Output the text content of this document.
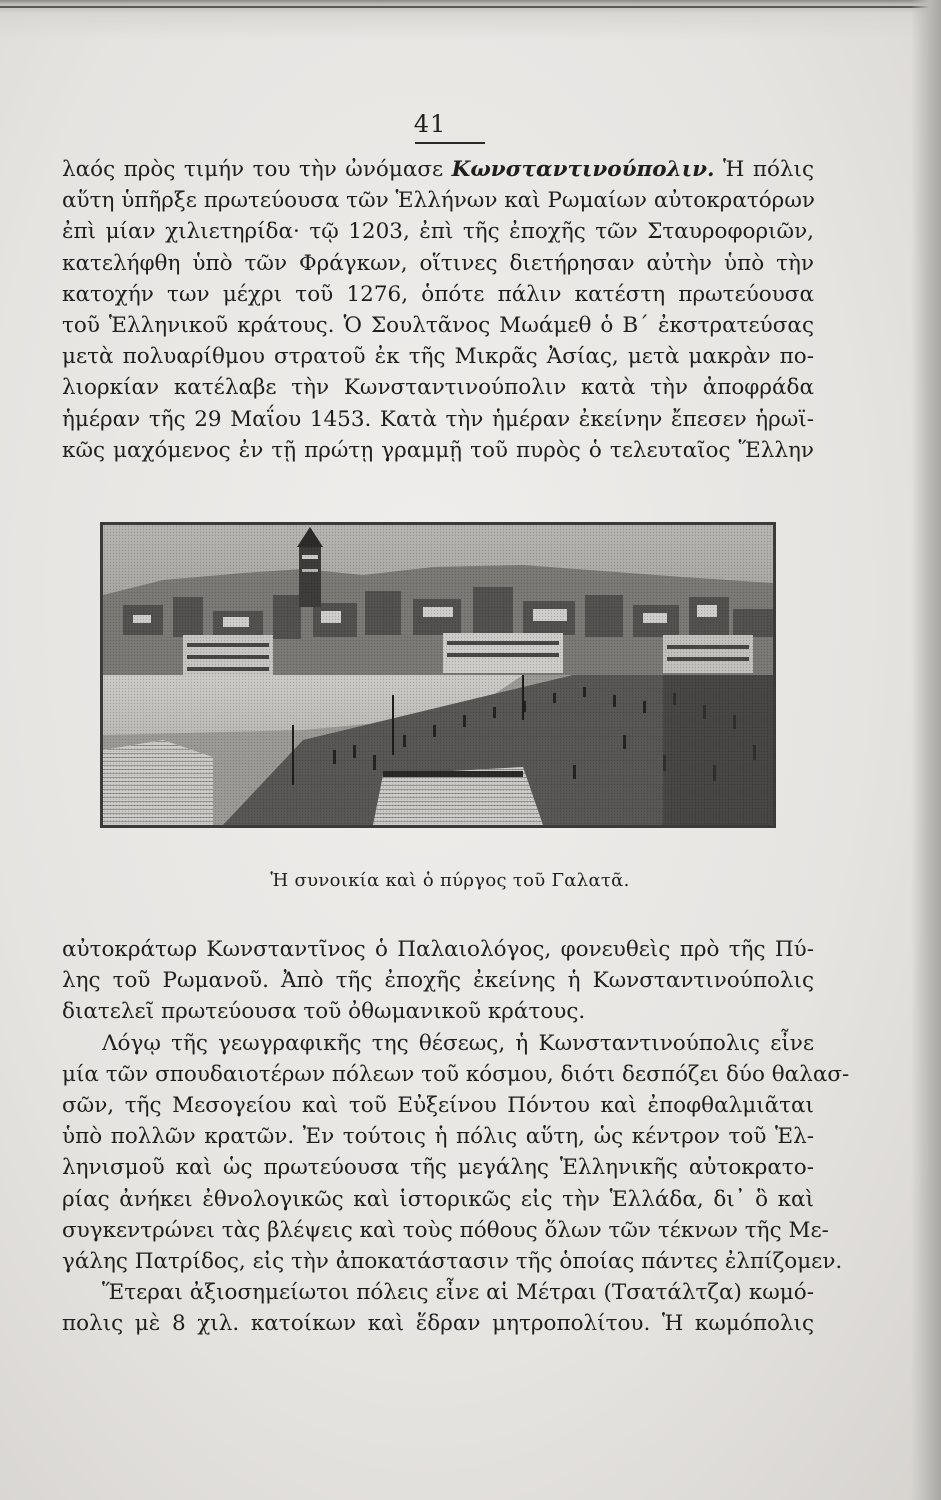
41
λαός πρὸς τιμήν του τὴν ὠνόμασε Κωνσταντινούπολιν. Ἡ πόλις
αὕτη ὑπῆρξε πρωτεύουσα τῶν Ἑλλήνων καὶ Ρωμαίων αὐτοκρατόρων
ἐπὶ μίαν χιλιετηρίδα· τῷ 1203, ἐπὶ τῆς ἐποχῆς τῶν Σταυροφοριῶν,
κατελήφθη ὑπὸ τῶν Φράγκων, οἵτινες διετήρησαν αὐτὴν ὑπὸ τὴν
κατοχήν των μέχρι τοῦ 1276, ὁπότε πάλιν κατέστη πρωτεύουσα
τοῦ Ἑλληνικοῦ κράτους. Ὁ Σουλτᾶνος Μωάμεθ ὁ Β΄ ἐκστρατεύσας
μετὰ πολυαρίθμου στρατοῦ ἐκ τῆς Μικρᾶς Ἀσίας, μετὰ μακρὰν πο-
λιορκίαν κατέλαβε τὴν Κωνσταντινούπολιν κατὰ τὴν ἀποφράδα
ἡμέραν τῆς 29 Μαΐου 1453. Κατὰ τὴν ἡμέραν ἐκείνην ἔπεσεν ἡρωϊ-
κῶς μαχόμενος ἐν τῇ πρώτῃ γραμμῇ τοῦ πυρὸς ὁ τελευταῖος Ἕλλην
Ἡ συνοικία καὶ ὁ πύργος τοῦ Γαλατᾶ.
αὐτοκράτωρ Κωνσταντῖνος ὁ Παλαιολόγος, φονευθεὶς πρὸ τῆς Πύ-
λης τοῦ Ρωμανοῦ. Ἀπὸ τῆς ἐποχῆς ἐκείνης ἡ Κωνσταντινούπολις
διατελεῖ πρωτεύουσα τοῦ ὀθωμανικοῦ κράτους.
Λόγῳ τῆς γεωγραφικῆς της θέσεως, ἡ Κωνσταντινούπολις εἶνε
μία τῶν σπουδαιοτέρων πόλεων τοῦ κόσμου, διότι δεσπόζει δύο θαλασ-
σῶν, τῆς Μεσογείου καὶ τοῦ Εὐξείνου Πόντου καὶ ἐποφθαλμιᾶται
ὑπὸ πολλῶν κρατῶν. Ἐν τούτοις ἡ πόλις αὕτη, ὡς κέντρον τοῦ Ἑλ-
ληνισμοῦ καὶ ὡς πρωτεύουσα τῆς μεγάλης Ἑλληνικῆς αὐτοκρατο-
ρίας ἀνήκει ἐθνολογικῶς καὶ ἱστορικῶς εἰς τὴν Ἑλλάδα, δι᾽ ὃ καὶ
συγκεντρώνει τὰς βλέψεις καὶ τοὺς πόθους ὅλων τῶν τέκνων τῆς Με-
γάλης Πατρίδος, εἰς τὴν ἀποκατάστασιν τῆς ὁποίας πάντες ἐλπίζομεν.
Ἕτεραι ἀξιοσημείωτοι πόλεις εἶνε αἱ Μέτραι (Τσατάλτζα) κωμό-
πολις μὲ 8 χιλ. κατοίκων καὶ ἕδραν μητροπολίτου. Ἡ κωμόπολις
